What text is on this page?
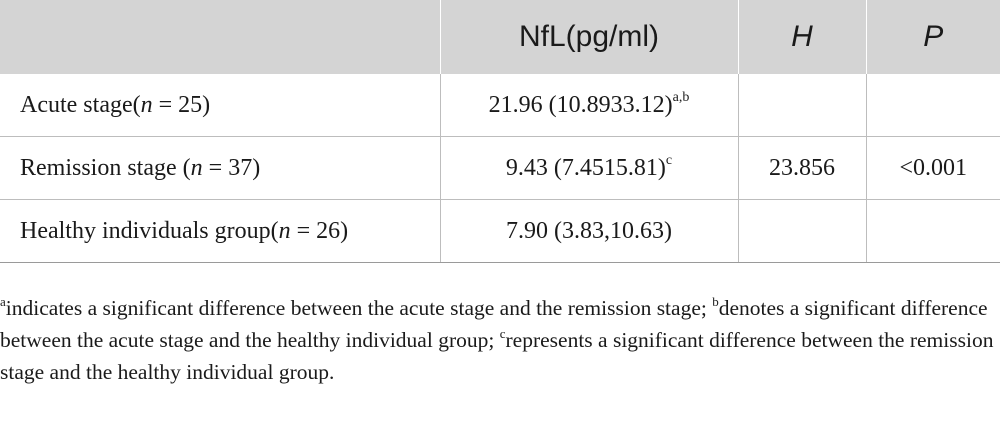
	NfL(pg/ml)	H	P
Acute stage(n = 25)	21.96 $(10.8933.12)^{a,b}$		
Remission stage (n = 37)	9.43 $(7.4515.81)^c$	23.856	<0.001
Healthy individuals group(n = 26)	7.90 (3.83,10.63)		

$^a$indicates a significant difference between the acute stage and the remission stage; $^b$denotes a significant difference between the acute stage and the healthy individual group; $^c$represents a significant difference between the remission stage and the healthy individual group.
